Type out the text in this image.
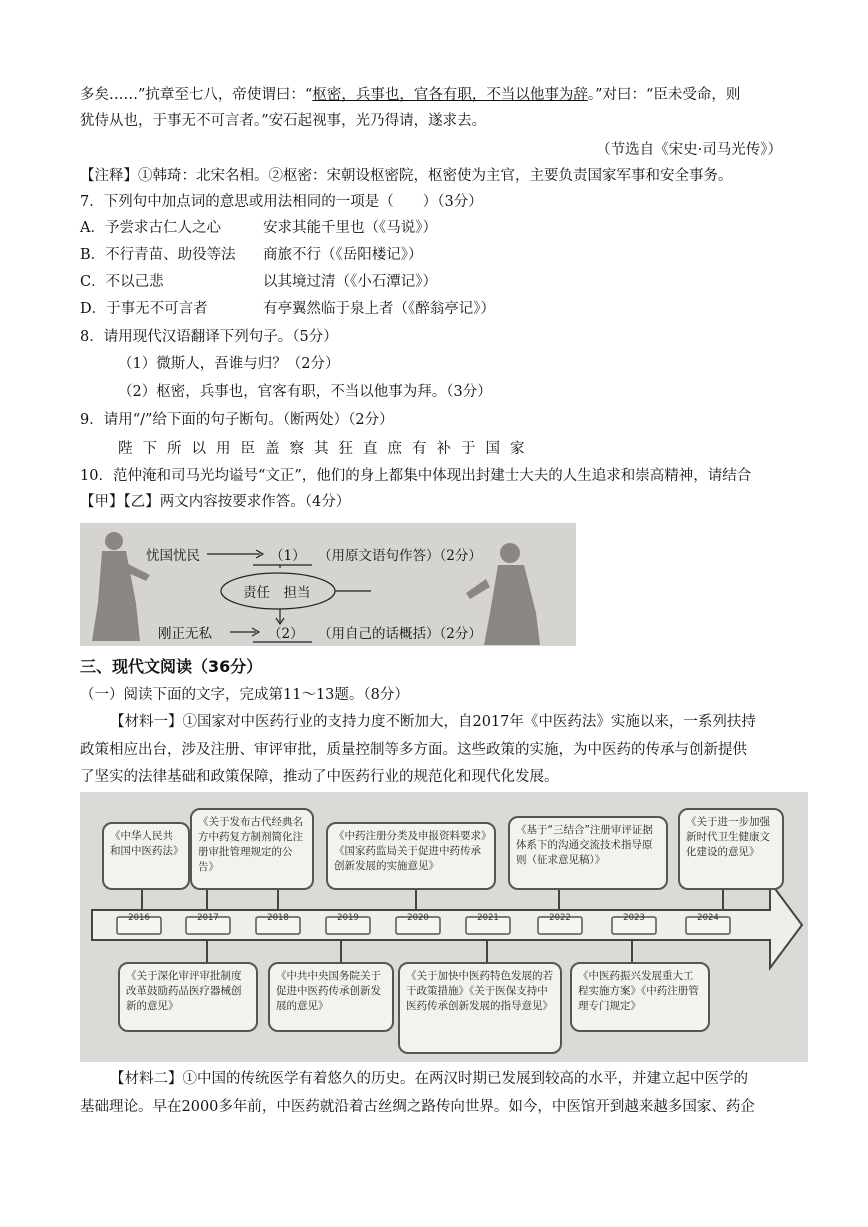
多矣……”抗章至七八，帝使谓曰：“枢密，兵事也，官各有职，不当以他事为辞。”对曰：“臣未受命，则
犹侍从也，于事无不可言者。”安石起视事，光乃得请，遂求去。
（节选自《宋史·司马光传》）
【注释】①韩琦：北宋名相。②枢密：宋朝设枢密院，枢密使为主官，主要负责国家军事和安全事务。
7．下列句中加点词的意思或用法相同的一项是（　　）（3分）
A．予尝求古仁人之心	安求其能千里也（《马说》）
B．不行青苗、助役等法 商旅不行（《岳阳楼记》）
C．不以己悲	以其境过清（《小石潭记》）
D．于事无不可言者	有亭翼然临于泉上者（《醉翁亭记》）
8．请用现代汉语翻译下列句子。（5分）
（1）微斯人，吾谁与归？（2分）
（2）枢密，兵事也，官客有职，不当以他事为拜。（3分）
9．请用“/”给下面的句子断句。（断两处）（2分）
陛下所以用臣盖察其狂直庶有补于国家
10．范仲淹和司马光均谥号“文正”，他们的身上都集中体现出封建士大夫的人生追求和崇高精神，请结合
【甲】【乙】两文内容按要求作答。（4分）
忧国忧民	（1） （用原文语句作答）（2分）
责任　担当
刚正无私	（2） （用自己的话概括）（2分）
三、现代文阅读（36分）
（一）阅读下面的文字，完成第11～13题。（8分）
【材料一】①国家对中医药行业的支持力度不断加大，自2017年《中医药法》实施以来，一系列扶持
政策相应出台，涉及注册、审评审批，质量控制等多方面。这些政策的实施，为中医药的传承与创新提供
了坚实的法律基础和政策保障，推动了中医药行业的规范化和现代化发展。
2016	2017	2018	2019	2020	2021	2022	2023	2024
《中华人民共和国中医药法》
《关于发布古代经典名方中药复方制剂简化注册审批管理规定的公告》
《中药注册分类及申报资料要求》《国家药监局关于促进中药传承创新发展的实施意见》
《基于“三结合”注册审评证据体系下的沟通交流技术指导原则（征求意见稿）》
《关于进一步加强新时代卫生健康文化建设的意见》
《关于深化审评审批制度改革鼓励药品医疗器械创新的意见》
《中共中央国务院关于促进中医药传承创新发展的意见》
《关于加快中医药特色发展的若干政策措施》《关于医保支持中医药传承创新发展的指导意见》
《中医药振兴发展重大工程实施方案》《中药注册管理专门规定》
【材料二】①中国的传统医学有着悠久的历史。在两汉时期已发展到较高的水平，并建立起中医学的
基础理论。早在2000多年前，中医药就沿着古丝绸之路传向世界。如今，中医馆开到越来越多国家、药企
